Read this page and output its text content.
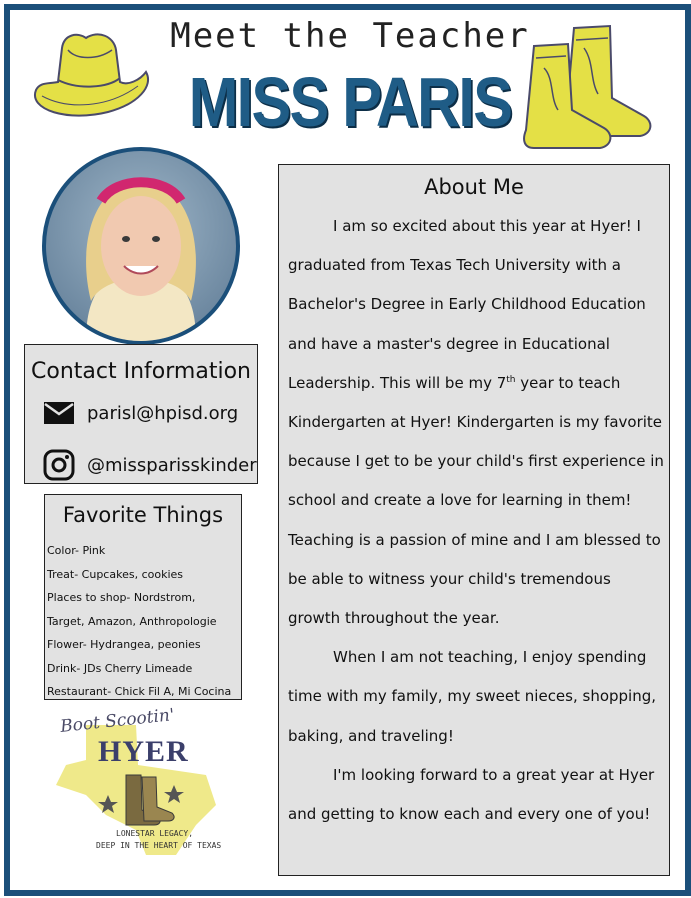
Meet the Teacher
MISS PARIS
Contact Information
parisl@hpisd.org
@missparisskinder
Favorite Things
Color- Pink
Treat- Cupcakes, cookies
Places to shop- Nordstrom,
Target, Amazon, Anthropologie
Flower- Hydrangea, peonies
Drink- JDs Cherry Limeade
Restaurant- Chick Fil A, Mi Cocina
Boot Scootin'
HYER
LONESTAR LEGACY,
DEEP IN THE HEART OF TEXAS
About Me

I am so excited about this year at Hyer! I graduated from Texas Tech University with a Bachelor's Degree in Early Childhood Education and have a master's degree in Educational Leadership. This will be my 7th year to teach Kindergarten at Hyer! Kindergarten is my favorite because I get to be your child's first experience in school and create a love for learning in them! Teaching is a passion of mine and I am blessed to be able to witness your child's tremendous growth throughout the year.

When I am not teaching, I enjoy spending time with my family, my sweet nieces, shopping, baking, and traveling!

I'm looking forward to a great year at Hyer and getting to know each and every one of you!
